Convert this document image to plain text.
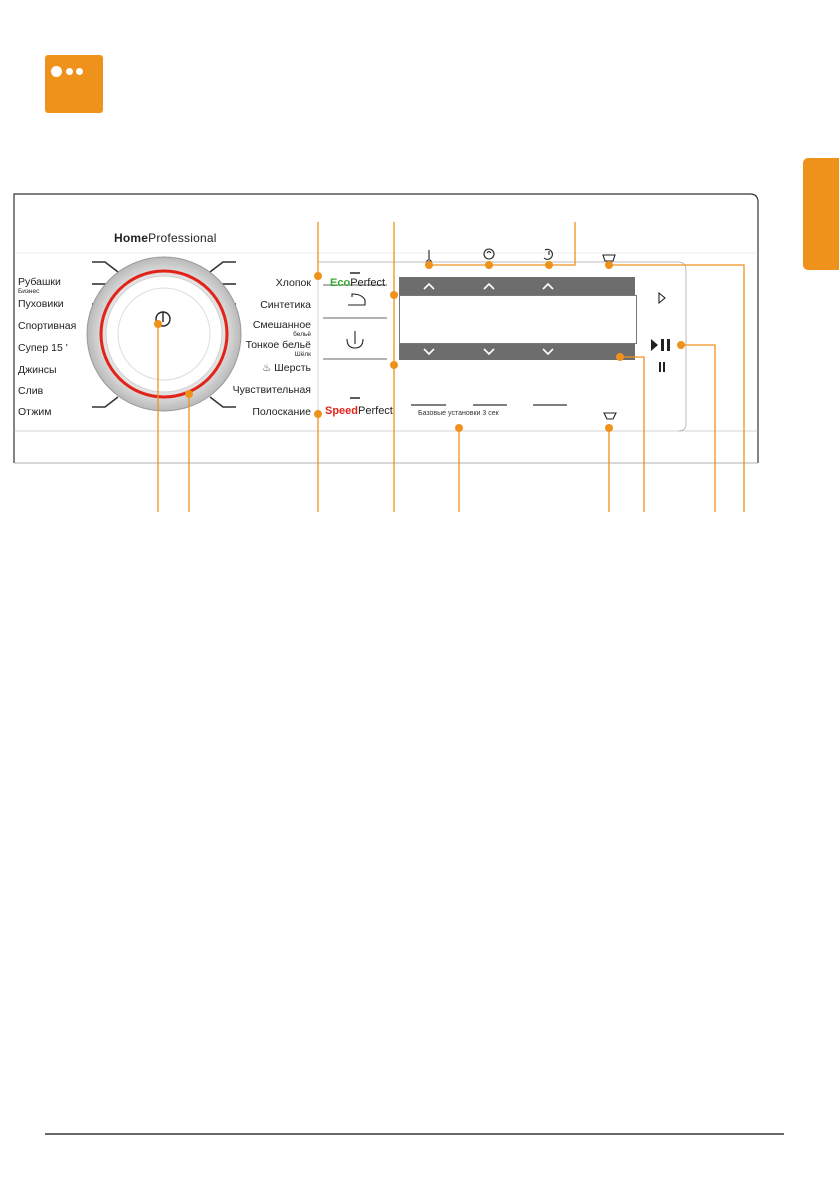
HomeProfessional
Рубашки
Бизнес
Пуховики
Спортивная
Супер 15 '
Джинсы
Слив
Отжим
Хлопок
Синтетика
Смешанное
бельё
Тонкое бельё
Шёлк
♨ Шерсть
Чувствительная
Полоскание
EcoPerfect
SpeedPerfect	Базовые установки 3 сек
